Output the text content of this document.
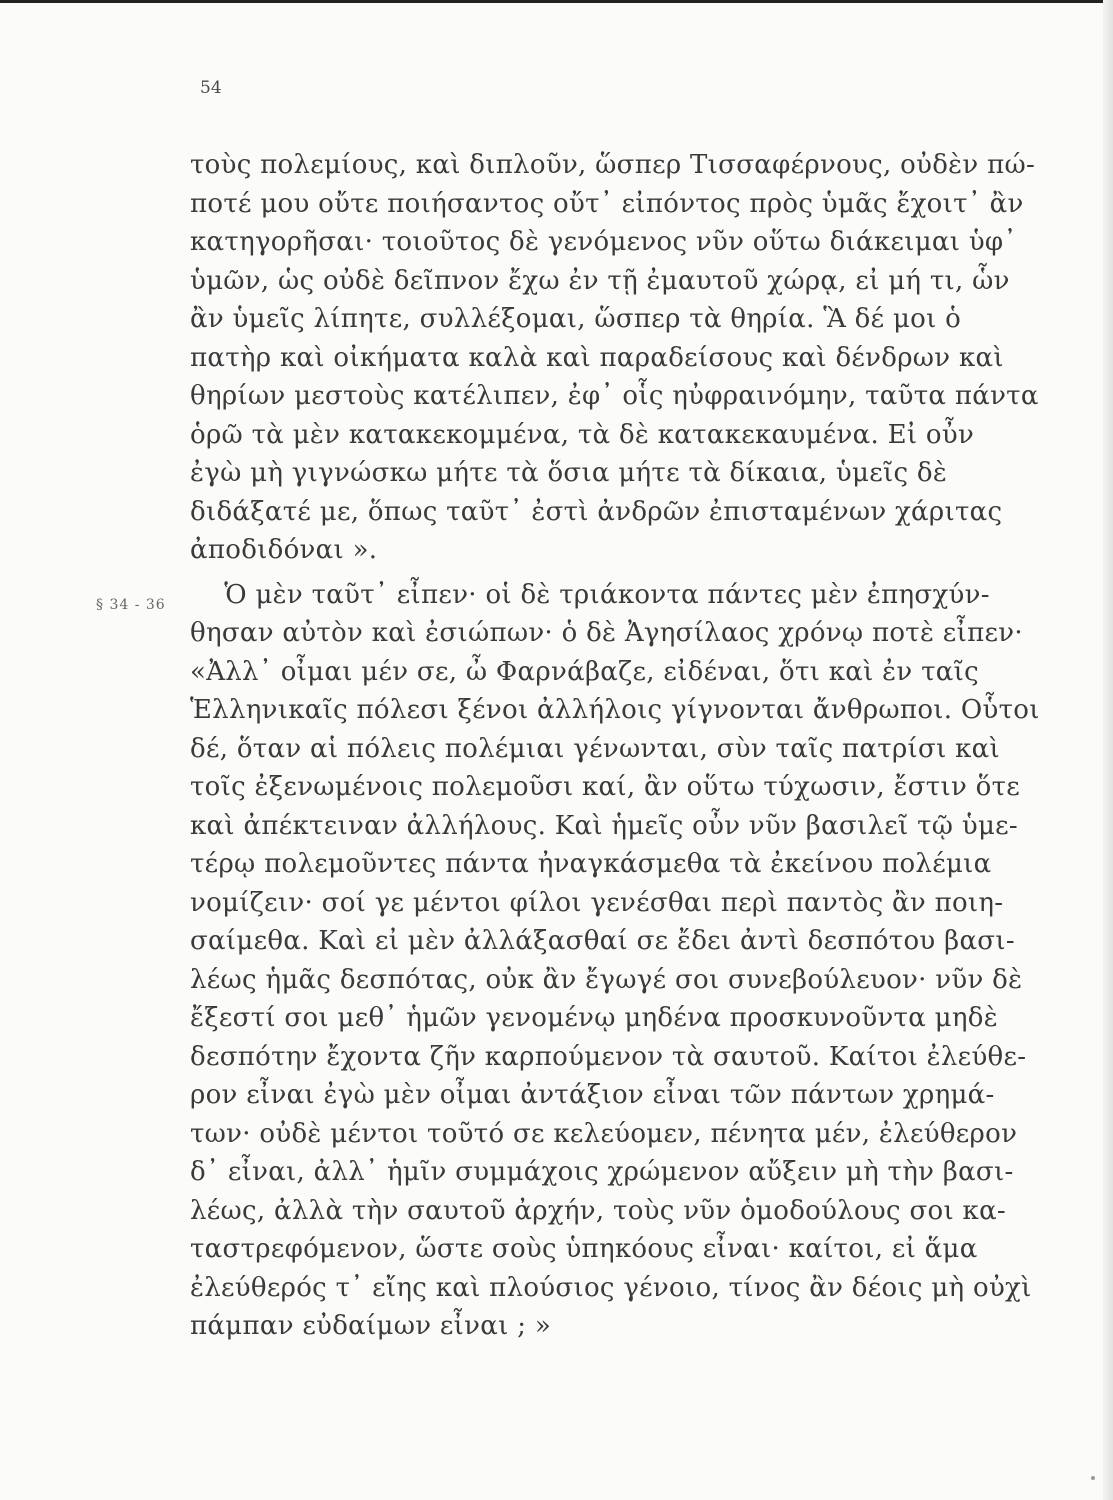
54
§ 34 - 36
τοὺς πολεμίους, καὶ διπλοῦν, ὥσπερ Τισσαφέρνους, οὐδὲν πώ-
ποτέ μου οὔτε ποιήσαντος οὔτ᾽ εἰπόντος πρὸς ὑμᾶς ἔχοιτ᾽ ἂν
κατηγορῆσαι· τοιοῦτος δὲ γενόμενος νῦν οὕτω διάκειμαι ὑφ᾽
ὑμῶν, ὡς οὐδὲ δεῖπνον ἔχω ἐν τῇ ἐμαυτοῦ χώρᾳ, εἰ μή τι, ὧν
ἂν ὑμεῖς λίπητε, συλλέξομαι, ὥσπερ τὰ θηρία. Ἃ δέ μοι ὁ
πατὴρ καὶ οἰκήματα καλὰ καὶ παραδείσους καὶ δένδρων καὶ
θηρίων μεστοὺς κατέλιπεν, ἐφ᾽ οἷς ηὐφραινόμην, ταῦτα πάντα
ὁρῶ τὰ μὲν κατακεκομμένα, τὰ δὲ κατακεκαυμένα. Εἰ οὖν
ἐγὼ μὴ γιγνώσκω μήτε τὰ ὅσια μήτε τὰ δίκαια, ὑμεῖς δὲ
διδάξατέ με, ὅπως ταῦτ᾽ ἐστὶ ἀνδρῶν ἐπισταμένων χάριτας
ἀποδιδόναι ».
Ὁ μὲν ταῦτ᾽ εἶπεν· οἱ δὲ τριάκοντα πάντες μὲν ἐπησχύν-
θησαν αὐτὸν καὶ ἐσιώπων· ὁ δὲ Ἀγησίλαος χρόνῳ ποτὲ εἶπεν·
«Ἀλλ᾽ οἶμαι μέν σε, ὦ Φαρνάβαζε, εἰδέναι, ὅτι καὶ ἐν ταῖς
Ἑλληνικαῖς πόλεσι ξένοι ἀλλήλοις γίγνονται ἄνθρωποι. Οὗτοι
δέ, ὅταν αἱ πόλεις πολέμιαι γένωνται, σὺν ταῖς πατρίσι καὶ
τοῖς ἐξενωμένοις πολεμοῦσι καί, ἂν οὕτω τύχωσιν, ἔστιν ὅτε
καὶ ἀπέκτειναν ἀλλήλους. Καὶ ἡμεῖς οὖν νῦν βασιλεῖ τῷ ὑμε-
τέρῳ πολεμοῦντες πάντα ἠναγκάσμεθα τὰ ἐκείνου πολέμια
νομίζειν· σοί γε μέντοι φίλοι γενέσθαι περὶ παντὸς ἂν ποιη-
σαίμεθα. Καὶ εἰ μὲν ἀλλάξασθαί σε ἔδει ἀντὶ δεσπότου βασι-
λέως ἡμᾶς δεσπότας, οὐκ ἂν ἔγωγέ σοι συνεβούλευον· νῦν δὲ
ἔξεστί σοι μεθ᾽ ἡμῶν γενομένῳ μηδένα προσκυνοῦντα μηδὲ
δεσπότην ἔχοντα ζῆν καρπούμενον τὰ σαυτοῦ. Καίτοι ἐλεύθε-
ρον εἶναι ἐγὼ μὲν οἶμαι ἀντάξιον εἶναι τῶν πάντων χρημά-
των· οὐδὲ μέντοι τοῦτό σε κελεύομεν, πένητα μέν, ἐλεύθερον
δ᾽ εἶναι, ἀλλ᾽ ἡμῖν συμμάχοις χρώμενον αὔξειν μὴ τὴν βασι-
λέως, ἀλλὰ τὴν σαυτοῦ ἀρχήν, τοὺς νῦν ὁμοδούλους σοι κα-
ταστρεφόμενον, ὥστε σοὺς ὑπηκόους εἶναι· καίτοι, εἰ ἅμα
ἐλεύθερός τ᾽ εἴης καὶ πλούσιος γένοιο, τίνος ἂν δέοις μὴ οὐχὶ
πάμπαν εὐδαίμων εἶναι ; »
